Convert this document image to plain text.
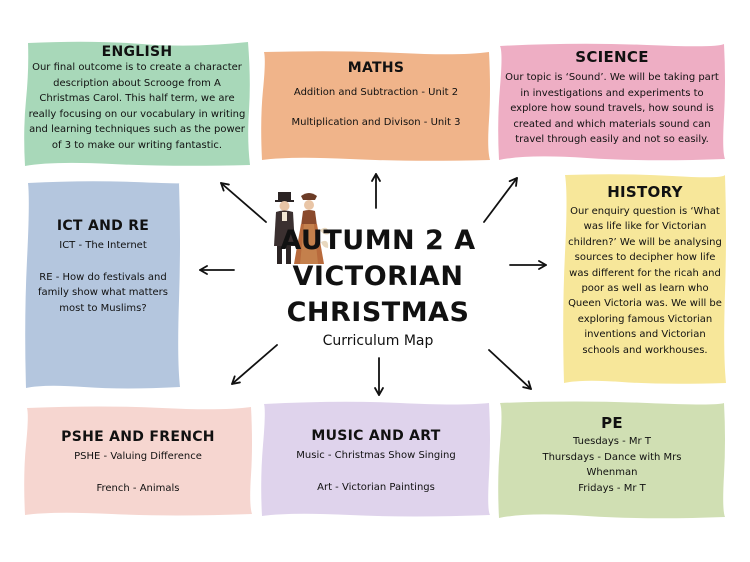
ENGLISH

Our final outcome is to create a character description about Scrooge from A Christmas Carol. This half term, we are really focusing on our vocabulary in writing and learning techniques such as the power of 3 to make our writing fantastic.

MATHS

Addition and Subtraction - Unit 2

Multiplication and Divison - Unit 3

SCIENCE

Our topic is ‘Sound’. We will be taking part in investigations and experiments to explore how sound travels, how sound is created and which materials sound can travel through easily and not so easily.

ICT AND RE

ICT - The Internet

RE - How do festivals and family show what matters most to Muslims?

HISTORY

Our enquiry question is ‘What was life like for Victorian children?’ We will be analysing sources to decipher how life was different for the ricah and poor as well as learn who Queen Victoria was. We will be exploring famous Victorian inventions and Victorian schools and workhouses.

PSHE AND FRENCH

PSHE - Valuing Difference

French - Animals

MUSIC AND ART

Music - Christmas Show Singing

Art - Victorian Paintings

PE

Tuesdays - Mr T

Thursdays - Dance with Mrs Whenman

Fridays - Mr T

AUTUMN 2 A
VICTORIAN
CHRISTMAS
Curriculum Map
